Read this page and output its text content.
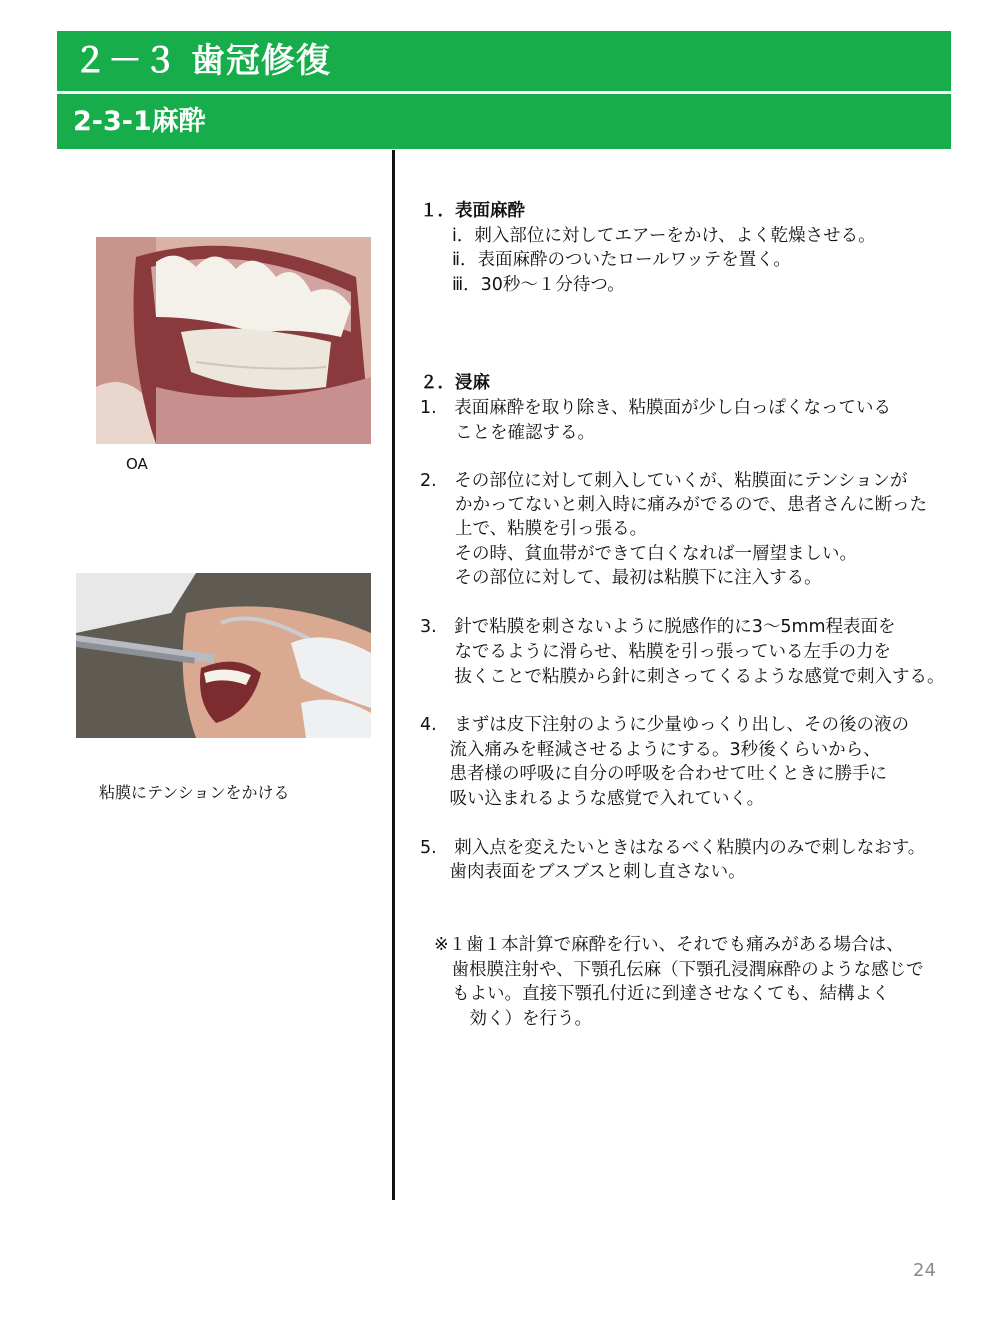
２－３ 歯冠修復
2-3-1麻酔
OA
粘膜にテンションをかける
１．表面麻酔
ⅰ．刺入部位に対してエアーをかけ、よく乾燥させる。
ⅱ．表面麻酔のついたロールワッテを置く。
ⅲ．30秒～１分待つ。
２．浸麻
1.　表面麻酔を取り除き、粘膜面が少し白っぽくなっている
　　ことを確認する。
2.　その部位に対して刺入していくが、粘膜面にテンションが
　　かかってないと刺入時に痛みがでるので、患者さんに断った
　　上で、粘膜を引っ張る。
　その時、貧血帯ができて白くなれば一層望ましい。
　その部位に対して、最初は粘膜下に注入する。
3.　針で粘膜を刺さないように脱感作的に3～5mm程表面を
　なでるように滑らせ、粘膜を引っ張っている左手の力を
　抜くことで粘膜から針に刺さってくるような感覚で刺入する。
4.　まずは皮下注射のように少量ゆっくり出し、その後の液の
　流入痛みを軽減させるようにする。3秒後くらいから、
　患者様の呼吸に自分の呼吸を合わせて吐くときに勝手に
　吸い込まれるような感覚で入れていく。
5.　刺入点を変えたいときはなるべく粘膜内のみで刺しなおす。
　歯肉表面をブスブスと刺し直さない。
※１歯１本計算で麻酔を行い、それでも痛みがある場合は、
　歯根膜注射や、下顎孔伝麻（下顎孔浸潤麻酔のような感じで
もよい。直接下顎孔付近に到達させなくても、結構よく
　効く）を行う。
24
